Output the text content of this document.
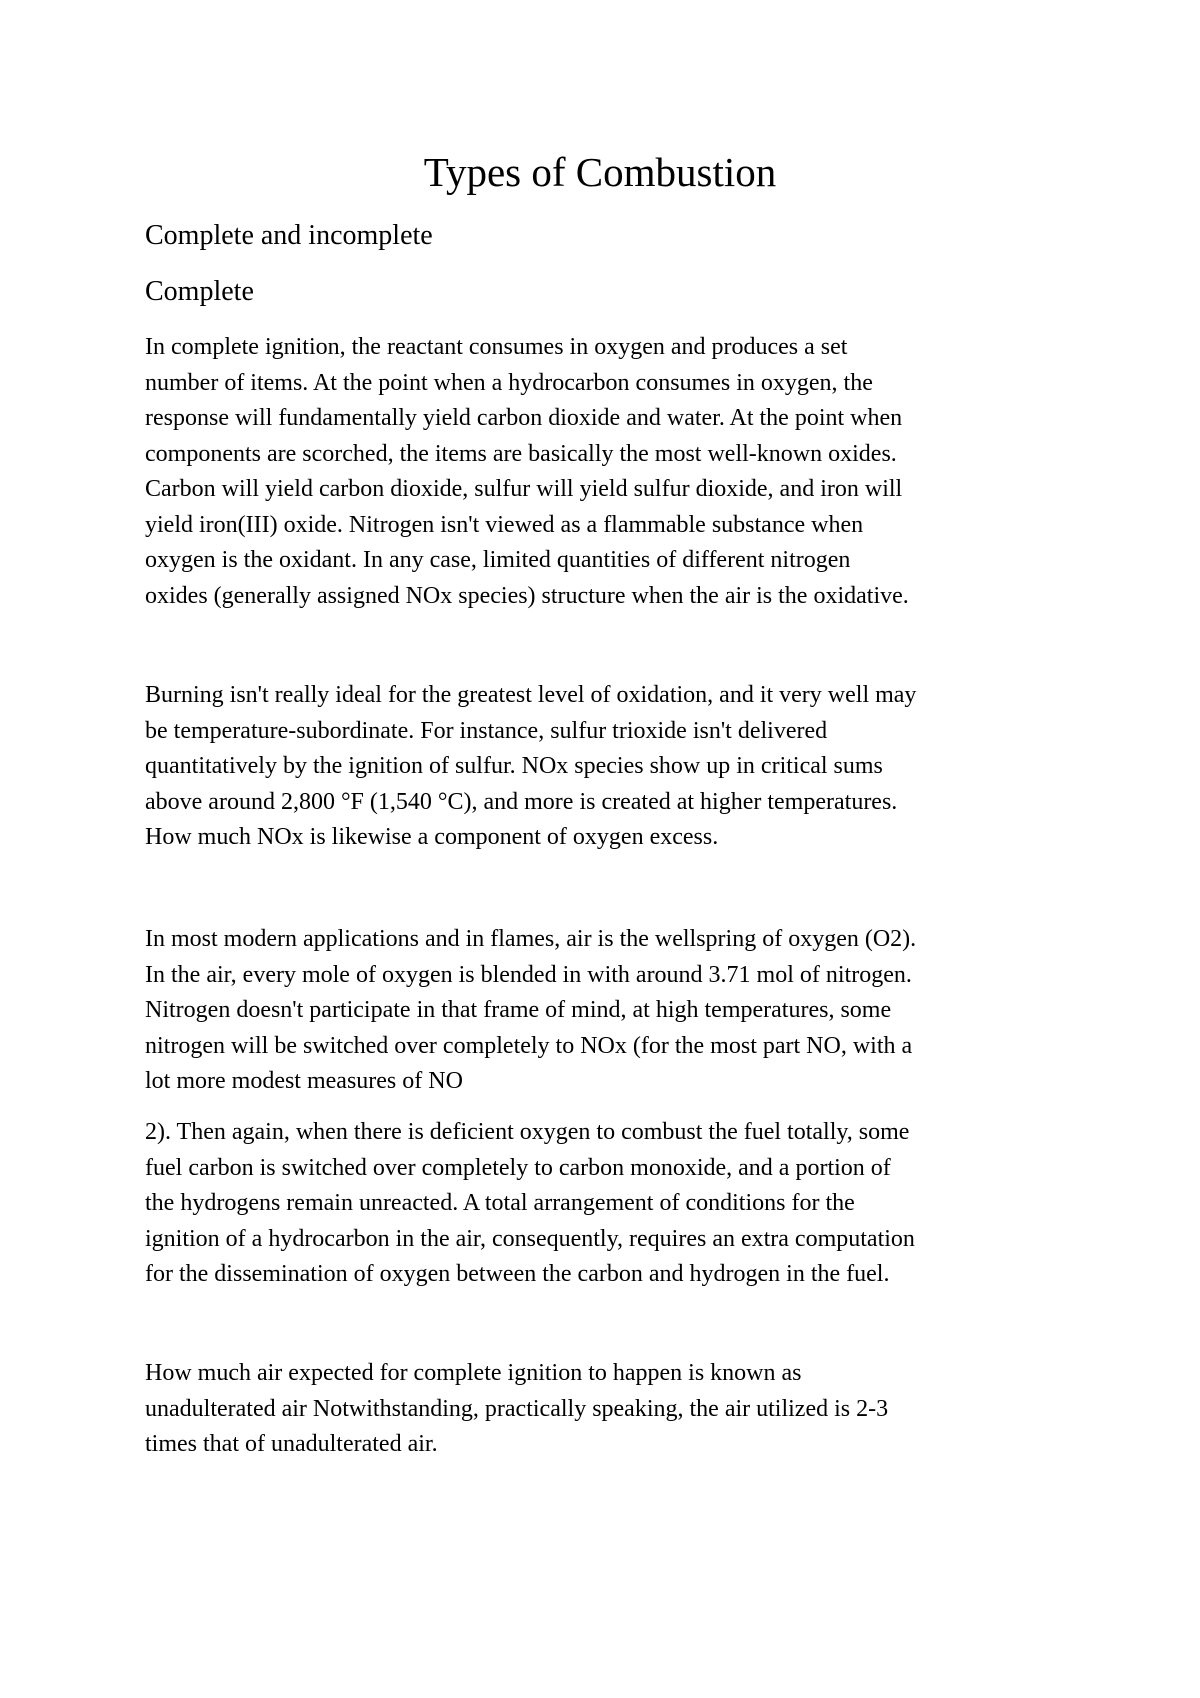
Types of Combustion
Complete and incomplete
Complete

In complete ignition, the reactant consumes in oxygen and produces a set
number of items. At the point when a hydrocarbon consumes in oxygen, the
response will fundamentally yield carbon dioxide and water. At the point when
components are scorched, the items are basically the most well-known oxides.
Carbon will yield carbon dioxide, sulfur will yield sulfur dioxide, and iron will
yield iron(III) oxide. Nitrogen isn't viewed as a flammable substance when
oxygen is the oxidant. In any case, limited quantities of different nitrogen
oxides (generally assigned NOx species) structure when the air is the oxidative.

Burning isn't really ideal for the greatest level of oxidation, and it very well may
be temperature-subordinate. For instance, sulfur trioxide isn't delivered
quantitatively by the ignition of sulfur. NOx species show up in critical sums
above around 2,800 °F (1,540 °C), and more is created at higher temperatures.
How much NOx is likewise a component of oxygen excess.

In most modern applications and in flames, air is the wellspring of oxygen (O2).
In the air, every mole of oxygen is blended in with around 3.71 mol of nitrogen.
Nitrogen doesn't participate in that frame of mind, at high temperatures, some
nitrogen will be switched over completely to NOx (for the most part NO, with a
lot more modest measures of NO

2). Then again, when there is deficient oxygen to combust the fuel totally, some
fuel carbon is switched over completely to carbon monoxide, and a portion of
the hydrogens remain unreacted. A total arrangement of conditions for the
ignition of a hydrocarbon in the air, consequently, requires an extra computation
for the dissemination of oxygen between the carbon and hydrogen in the fuel.

How much air expected for complete ignition to happen is known as
unadulterated air Notwithstanding, practically speaking, the air utilized is 2-3
times that of unadulterated air.
